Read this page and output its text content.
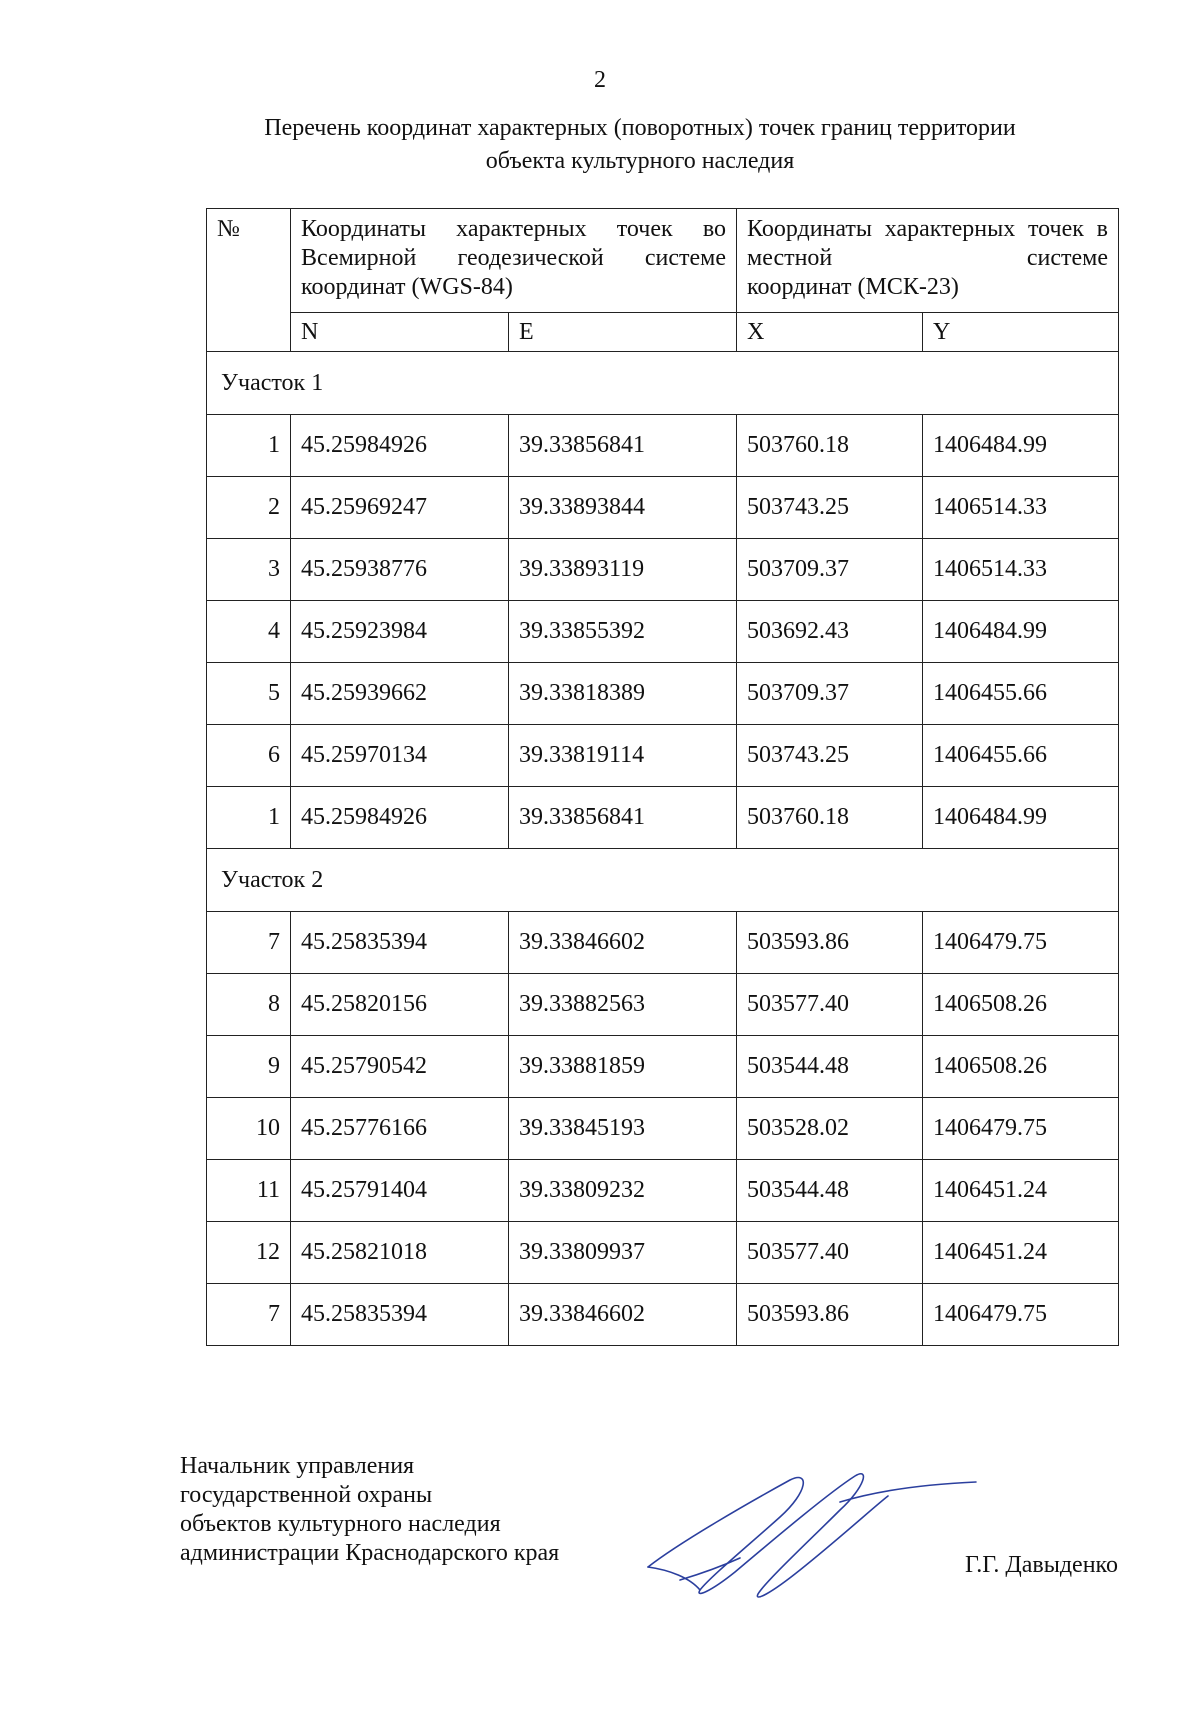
2
Перечень координат характерных (поворотных) точек границ территории
объекта культурного наследия
№	Координаты характерных точек во Всемирной геодезической системе
координат (WGS-84)		Координаты характерных точек в местной системе
координат (МСК-23)	

	N	E	X	Y
Участок 1				
1	45.25984926	39.33856841	503760.18	1406484.99
2	45.25969247	39.33893844	503743.25	1406514.33
3	45.25938776	39.33893119	503709.37	1406514.33
4	45.25923984	39.33855392	503692.43	1406484.99
5	45.25939662	39.33818389	503709.37	1406455.66
6	45.25970134	39.33819114	503743.25	1406455.66
1	45.25984926	39.33856841	503760.18	1406484.99
Участок 2				
7	45.25835394	39.33846602	503593.86	1406479.75
8	45.25820156	39.33882563	503577.40	1406508.26
9	45.25790542	39.33881859	503544.48	1406508.26
10	45.25776166	39.33845193	503528.02	1406479.75
11	45.25791404	39.33809232	503544.48	1406451.24
12	45.25821018	39.33809937	503577.40	1406451.24
7	45.25835394	39.33846602	503593.86	1406479.75
Начальник управления
государственной охраны
объектов культурного наследия
администрации Краснодарского края	Г.Г. Давыденко
